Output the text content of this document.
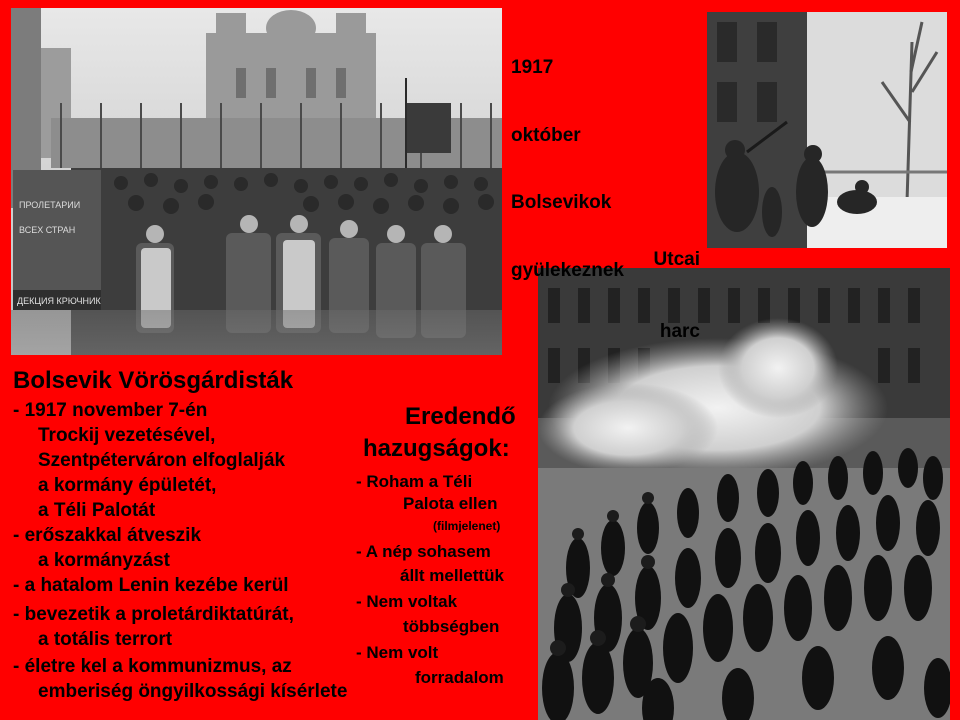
ПРОЛЕТАРИИ
ВСЕХ СТРАН
ДЕКЦИЯ КРЮЧНИК

1917

október

Bolsevikok

gyülekeznek

	Utcai

harc

Bolsevik Vörösgárdisták
- 1917 november 7-én
Trockij vezetésével,
Szentpéterváron elfoglalják
a kormány épületét,
a Téli Palotát
- erőszakkal átveszik
a kormányzást
- a hatalom Lenin kezébe kerül
- bevezetik a proletárdiktatúrát,
a totális terrort
- életre kel a kommunizmus, az
emberiség öngyilkossági kísérlete
Eredendő
hazugságok:
- Roham a Téli
Palota ellen
(filmjelenet)
- A nép sohasem
állt mellettük
- Nem voltak
többségben
- Nem volt
forradalom
